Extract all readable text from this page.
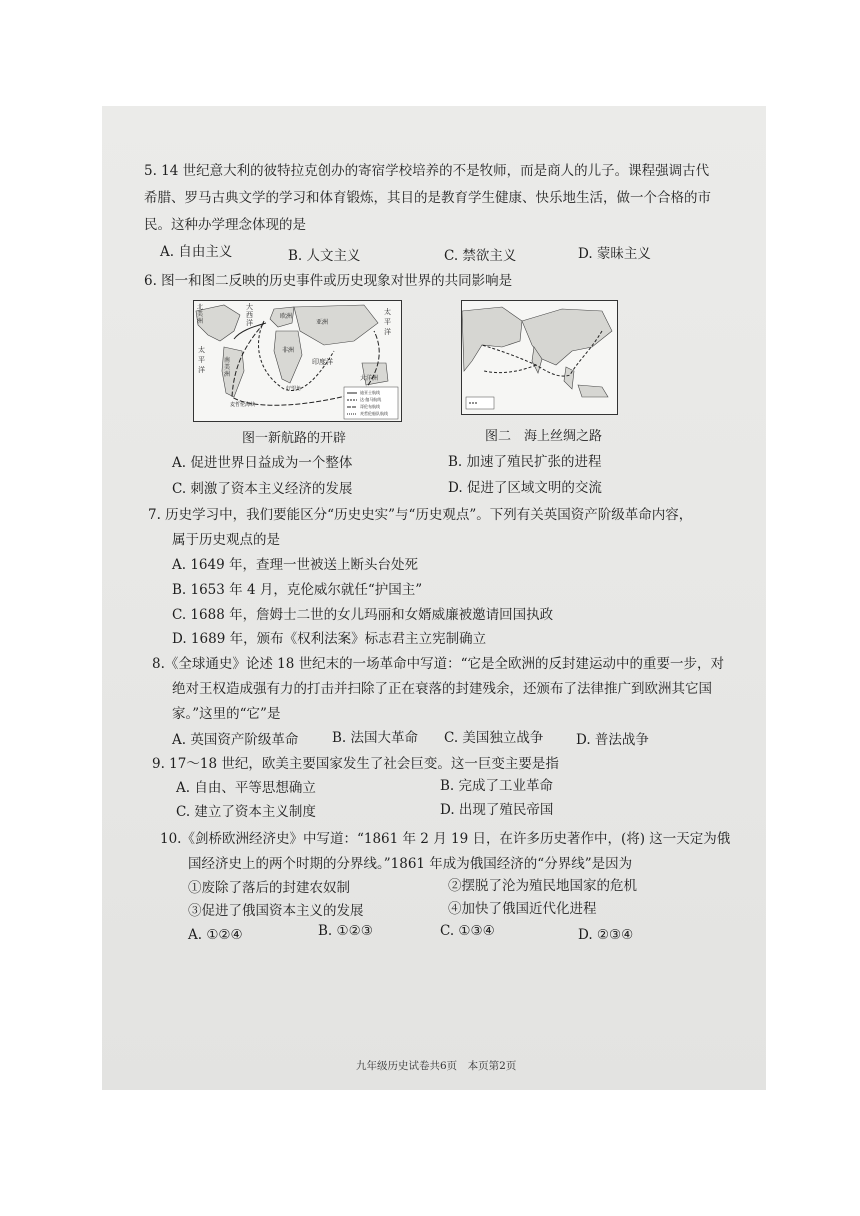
5. 14 世纪意大利的彼特拉克创办的寄宿学校培养的不是牧师，而是商人的儿子。课程强调古代
希腊、罗马古典文学的学习和体育锻炼，其目的是教育学生健康、快乐地生活，做一个合格的市
民。这种办学理念体现的是
A. 自由主义	B. 人文主义	C. 禁欲主义	D. 蒙昧主义
6. 图一和图二反映的历史事件或历史现象对世界的共同影响是
北美洲
大西洋
欧洲
亚洲
非洲
南美洲
太平洋
太平洋
印度洋
大洋洲
好望角
麦哲伦海峡
迪亚士航线
达·伽马航线
哥伦布航线
麦哲伦船队航线
图一新航路的开辟	图二　海上丝绸之路
A. 促进世界日益成为一个整体	B. 加速了殖民扩张的进程
C. 刺激了资本主义经济的发展	D. 促进了区域文明的交流
7. 历史学习中，我们要能区分“历史史实”与“历史观点”。下列有关英国资产阶级革命内容，
属于历史观点的是
A. 1649 年，查理一世被送上断头台处死
B. 1653 年 4 月，克伦威尔就任“护国主”
C. 1688 年，詹姆士二世的女儿玛丽和女婿威廉被邀请回国执政
D. 1689 年，颁布《权利法案》标志君主立宪制确立
8.《全球通史》论述 18 世纪末的一场革命中写道：“它是全欧洲的反封建运动中的重要一步，对
绝对王权造成强有力的打击并扫除了正在衰落的封建残余，还颁布了法律推广到欧洲其它国
家。”这里的“它”是
A. 英国资产阶级革命 B. 法国大革命 C. 美国独立战争 D. 普法战争
9. 17～18 世纪，欧美主要国家发生了社会巨变。这一巨变主要是指
A. 自由、平等思想确立	B. 完成了工业革命
C. 建立了资本主义制度	D. 出现了殖民帝国
10.《剑桥欧洲经济史》中写道：“1861 年 2 月 19 日，在许多历史著作中，(将) 这一天定为俄
国经济史上的两个时期的分界线。”1861 年成为俄国经济的“分界线”是因为
①废除了落后的封建农奴制	②摆脱了沦为殖民地国家的危机
③促进了俄国资本主义的发展	④加快了俄国近代化进程
A. ①②④	B. ①②③	C. ①③④	D. ②③④
九年级历史试卷共6页　本页第2页
